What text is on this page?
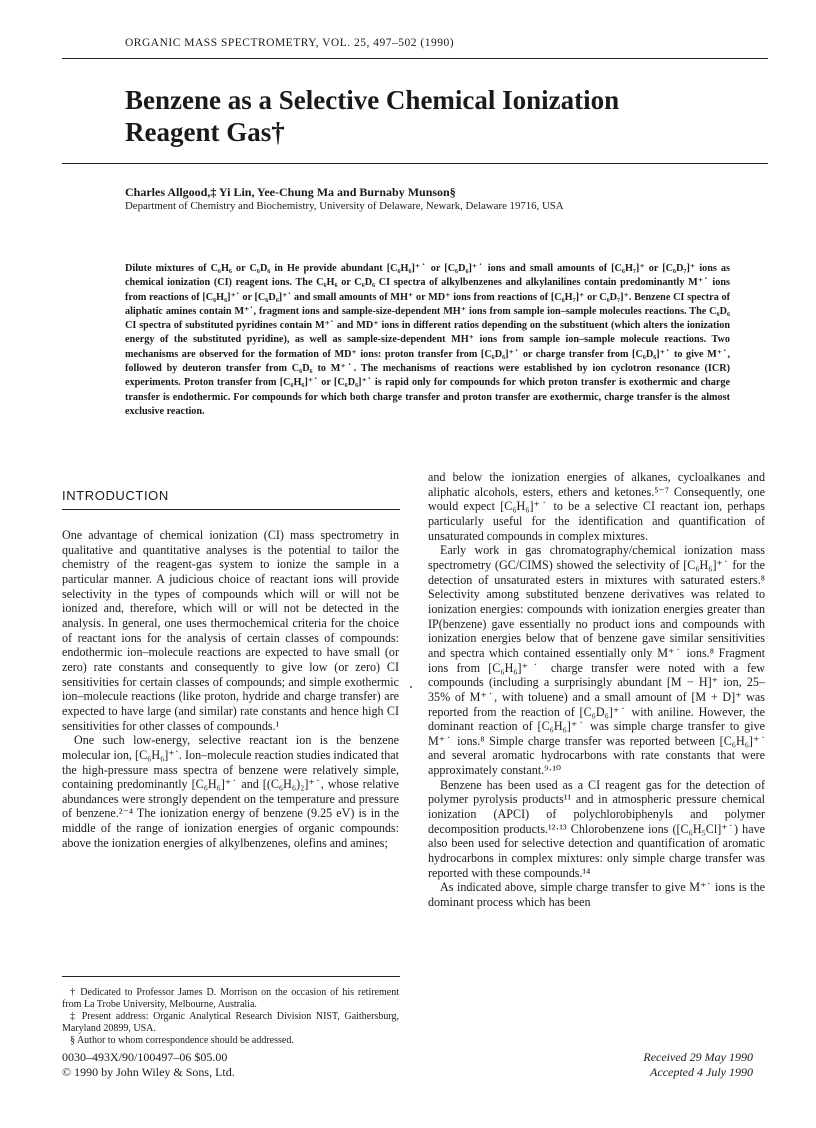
ORGANIC MASS SPECTROMETRY, VOL. 25, 497–502 (1990)
Benzene as a Selective Chemical Ionization
Reagent Gas†
Charles Allgood,‡ Yi Lin, Yee-Chung Ma and Burnaby Munson§
Department of Chemistry and Biochemistry, University of Delaware, Newark, Delaware 19716, USA
Dilute mixtures of C₆H₆ or C₆D₆ in He provide abundant [C₆H₆]⁺˙ or [C₆D₆]⁺˙ ions and small amounts of [C₆H₇]⁺ or [C₆D₇]⁺ ions as chemical ionization (CI) reagent ions. The C₆H₆ or C₆D₆ CI spectra of alkylbenzenes and alkylanilines contain predominantly M⁺˙ ions from reactions of [C₆H₆]⁺˙ or [C₆D₆]⁺˙ and small amounts of MH⁺ or MD⁺ ions from reactions of [C₆H₇]⁺ or C₆D₇]⁺. Benzene CI spectra of aliphatic amines contain M⁺˙, fragment ions and sample-size-dependent MH⁺ ions from sample ion–sample molecules reactions. The C₆D₆ CI spectra of substituted pyridines contain M⁺˙ and MD⁺ ions in different ratios depending on the substituent (which alters the ionization energy of the substituted pyridine), as well as sample-size-dependent MH⁺ ions from sample ion–sample molecule reactions. Two mechanisms are observed for the formation of MD⁺ ions: proton transfer from [C₆D₆]⁺˙ or charge transfer from [C₆D₆]⁺˙ to give M⁺˙, followed by deuteron transfer from C₆D₆ to M⁺˙. The mechanisms of reactions were established by ion cyclotron resonance (ICR) experiments. Proton transfer from [C₆H₆]⁺˙ or [C₆D₆]⁺˙ is rapid only for compounds for which proton transfer is exothermic and charge transfer is endothermic. For compounds for which both charge transfer and proton transfer are exothermic, charge transfer is the almost exclusive reaction.
INTRODUCTION

One advantage of chemical ionization (CI) mass spectrometry in qualitative and quantitative analyses is the potential to tailor the chemistry of the reagent-gas system to ionize the sample in a particular manner. A judicious choice of reactant ions will provide selectivity in the types of compounds which will or will not be ionized and, therefore, which will or will not be detected in the analysis. In general, one uses thermochemical criteria for the choice of reactant ions for the analysis of certain classes of compounds: endothermic ion–molecule reactions are expected to have small (or zero) rate constants and consequently to give low (or zero) CI sensitivities for certain classes of compounds; and simple exothermic ion–molecule reactions (like proton, hydride and charge transfer) are expected to have large (and similar) rate constants and hence high CI sensitivities for other classes of compounds.¹

One such low-energy, selective reactant ion is the benzene molecular ion, [C₆H₆]⁺˙. Ion–molecule reaction studies indicated that the high-pressure mass spectra of benzene were relatively simple, containing predominantly [C₆H₆]⁺˙ and [(C₆H₆)₂]⁺˙, whose relative abundances were strongly dependent on the temperature and pressure of benzene.²⁻⁴ The ionization energy of benzene (9.25 eV) is in the middle of the range of ionization energies of organic compounds: above the ionization energies of alkylbenzenes, olefins and amines;

and below the ionization energies of alkanes, cycloalkanes and aliphatic alcohols, esters, ethers and ketones.⁵⁻⁷ Consequently, one would expect [C₆H₆]⁺˙ to be a selective CI reactant ion, perhaps particularly useful for the identification and quantification of unsaturated compounds in complex mixtures.

Early work in gas chromatography/chemical ionization mass spectrometry (GC/CIMS) showed the selectivity of [C₆H₆]⁺˙ for the detection of unsaturated esters in mixtures with saturated esters.⁸ Selectivity among substituted benzene derivatives was related to ionization energies: compounds with ionization energies greater than IP(benzene) gave essentially no product ions and compounds with ionization energies below that of benzene gave similar sensitivities and spectra which contained essentially only M⁺˙ ions.⁸ Fragment ions from [C₆H₆]⁺˙ charge transfer were noted with a few compounds (including a surprisingly abundant [M − H]⁺ ion, 25–35% of M⁺˙, with toluene) and a small amount of [M + D]⁺ was reported from the reaction of [C₆D₆]⁺˙ with aniline. However, the dominant reaction of [C₆H₆]⁺˙ was simple charge transfer to give M⁺˙ ions.⁸ Simple charge transfer was reported between [C₆H₆]⁺˙ and several aromatic hydrocarbons with rate constants that were approximately constant.⁹·¹⁰

Benzene has been used as a CI reagent gas for the detection of polymer pyrolysis products¹¹ and in atmospheric pressure chemical ionization (APCI) of polychlorobiphenyls and polymer decomposition products.¹²·¹³ Chlorobenzene ions ([C₆H₅Cl]⁺˙) have also been used for selective detection and quantification of aromatic hydrocarbons in complex mixtures: only simple charge transfer was reported with these compounds.¹⁴

As indicated above, simple charge transfer to give M⁺˙ ions is the dominant process which has been

† Dedicated to Professor James D. Morrison on the occasion of his retirement from La Trobe University, Melbourne, Australia.

‡ Present address: Organic Analytical Research Division NIST, Gaithersburg, Maryland 20899, USA.

§ Author to whom correspondence should be addressed.

0030–493X/90/100497–06 $05.00
© 1990 by John Wiley & Sons, Ltd.
Received 29 May 1990
Accepted 4 July 1990
